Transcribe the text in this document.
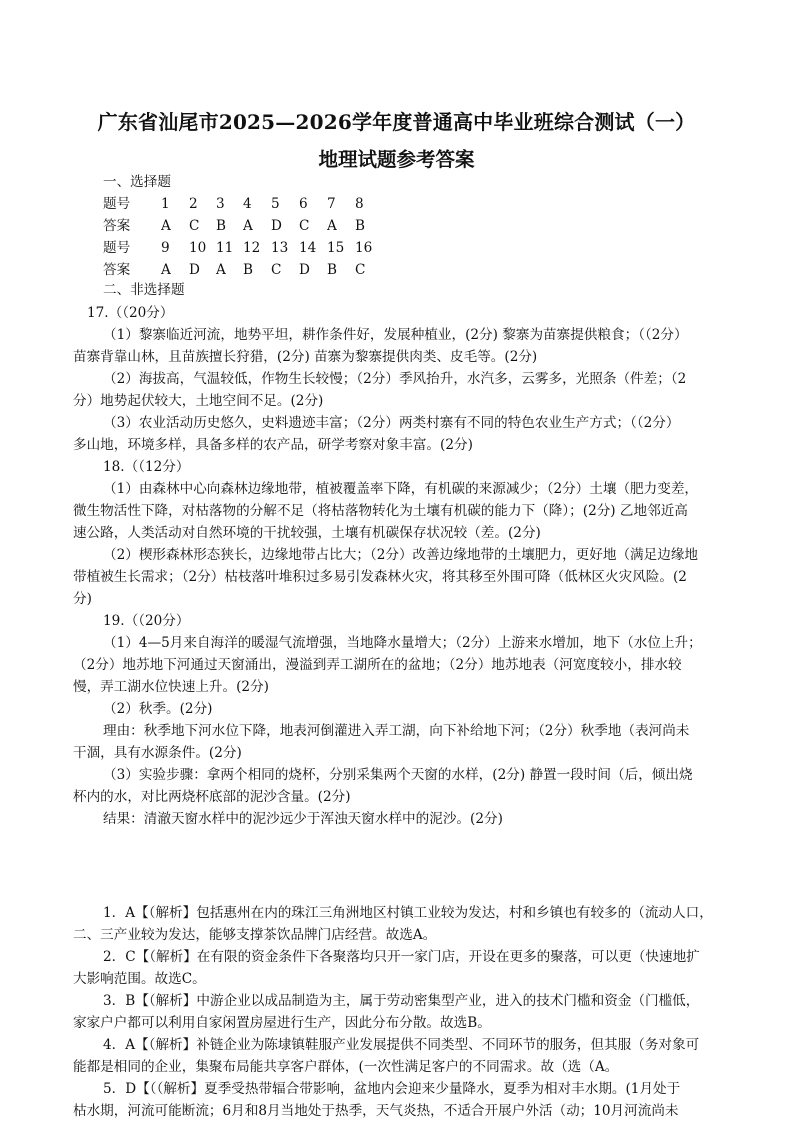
广东省汕尾市2025—2026学年度普通高中毕业班综合测试（一）
地理试题参考答案
一、选择题
题号 1 2 3 4 5 6 7 8
答案 A C B A D C A B
题号 9 10 11 12 13 14 15 16
答案 A D A B C D B C
二、非选择题
17.（（20分）
（1）黎寨临近河流，地势平坦，耕作条件好，发展种植业，(2分) 黎寨为苗寨提供粮食；（（2分）
苗寨背靠山林，且苗族擅长狩猎，(2分) 苗寨为黎寨提供肉类、皮毛等。(2分)
（2）海拔高，气温较低，作物生长较慢；（2分）季风抬升，水汽多，云雾多，光照条（件差；（2
分）地势起伏较大，土地空间不足。(2分)
（3）农业活动历史悠久，史料遗迹丰富；（2分）两类村寨有不同的特色农业生产方式；（（2分）
多山地，环境多样，具备多样的农产品，研学考察对象丰富。(2分)
18.（（12分）
（1）由森林中心向森林边缘地带，植被覆盖率下降，有机碳的来源减少；（2分）土壤（肥力变差，
微生物活性下降，对枯落物的分解不足（将枯落物转化为土壤有机碳的能力下（降）；(2分) 乙地邻近高
速公路，人类活动对自然环境的干扰较强，土壤有机碳保存状况较（差。(2分)
（2）楔形森林形态狭长，边缘地带占比大；（2分）改善边缘地带的土壤肥力，更好地（满足边缘地
带植被生长需求；（2分）枯枝落叶堆积过多易引发森林火灾，将其移至外围可降（低林区火灾风险。(2
分)
19.（（20分）
（1）4—5月来自海洋的暖湿气流增强，当地降水量增大；（2分）上游来水增加，地下（水位上升；
（2分）地苏地下河通过天窗涌出，漫溢到弄工湖所在的盆地；（2分）地苏地表（河宽度较小，排水较
慢，弄工湖水位快速上升。(2分)
（2）秋季。(2分)
理由：秋季地下河水位下降，地表河倒灌进入弄工湖，向下补给地下河；（2分）秋季地（表河尚未
干涸，具有水源条件。(2分)
（3）实验步骤：拿两个相同的烧杯，分别采集两个天窗的水样，(2分) 静置一段时间（后，倾出烧
杯内的水，对比两烧杯底部的泥沙含量。(2分)
结果：清澈天窗水样中的泥沙远少于浑浊天窗水样中的泥沙。(2分)
1．A【（解析】包括惠州在内的珠江三角洲地区村镇工业较为发达，村和乡镇也有较多的（流动人口，
二、三产业较为发达，能够支撑茶饮品牌门店经营。故选A。
2．C【（解析】在有限的资金条件下各聚落均只开一家门店，开设在更多的聚落，可以更（快速地扩
大影响范围。故选C。
3．B【（解析】中游企业以成品制造为主，属于劳动密集型产业，进入的技术门槛和资金（门槛低，
家家户户都可以利用自家闲置房屋进行生产，因此分布分散。故选B。
4．A【（解析】补链企业为陈埭镇鞋服产业发展提供不同类型、不同环节的服务，但其服（务对象可
能都是相同的企业，集聚布局能共享客户群体，(一次性满足客户的不同需求。故（选（A。
5．D【（（解析】夏季受热带辐合带影响，盆地内会迎来少量降水，夏季为相对丰水期。(1月处于
枯水期，河流可能断流；6月和8月当地处于热季，天气炎热，不适合开展户外活（动；10月河流尚未
